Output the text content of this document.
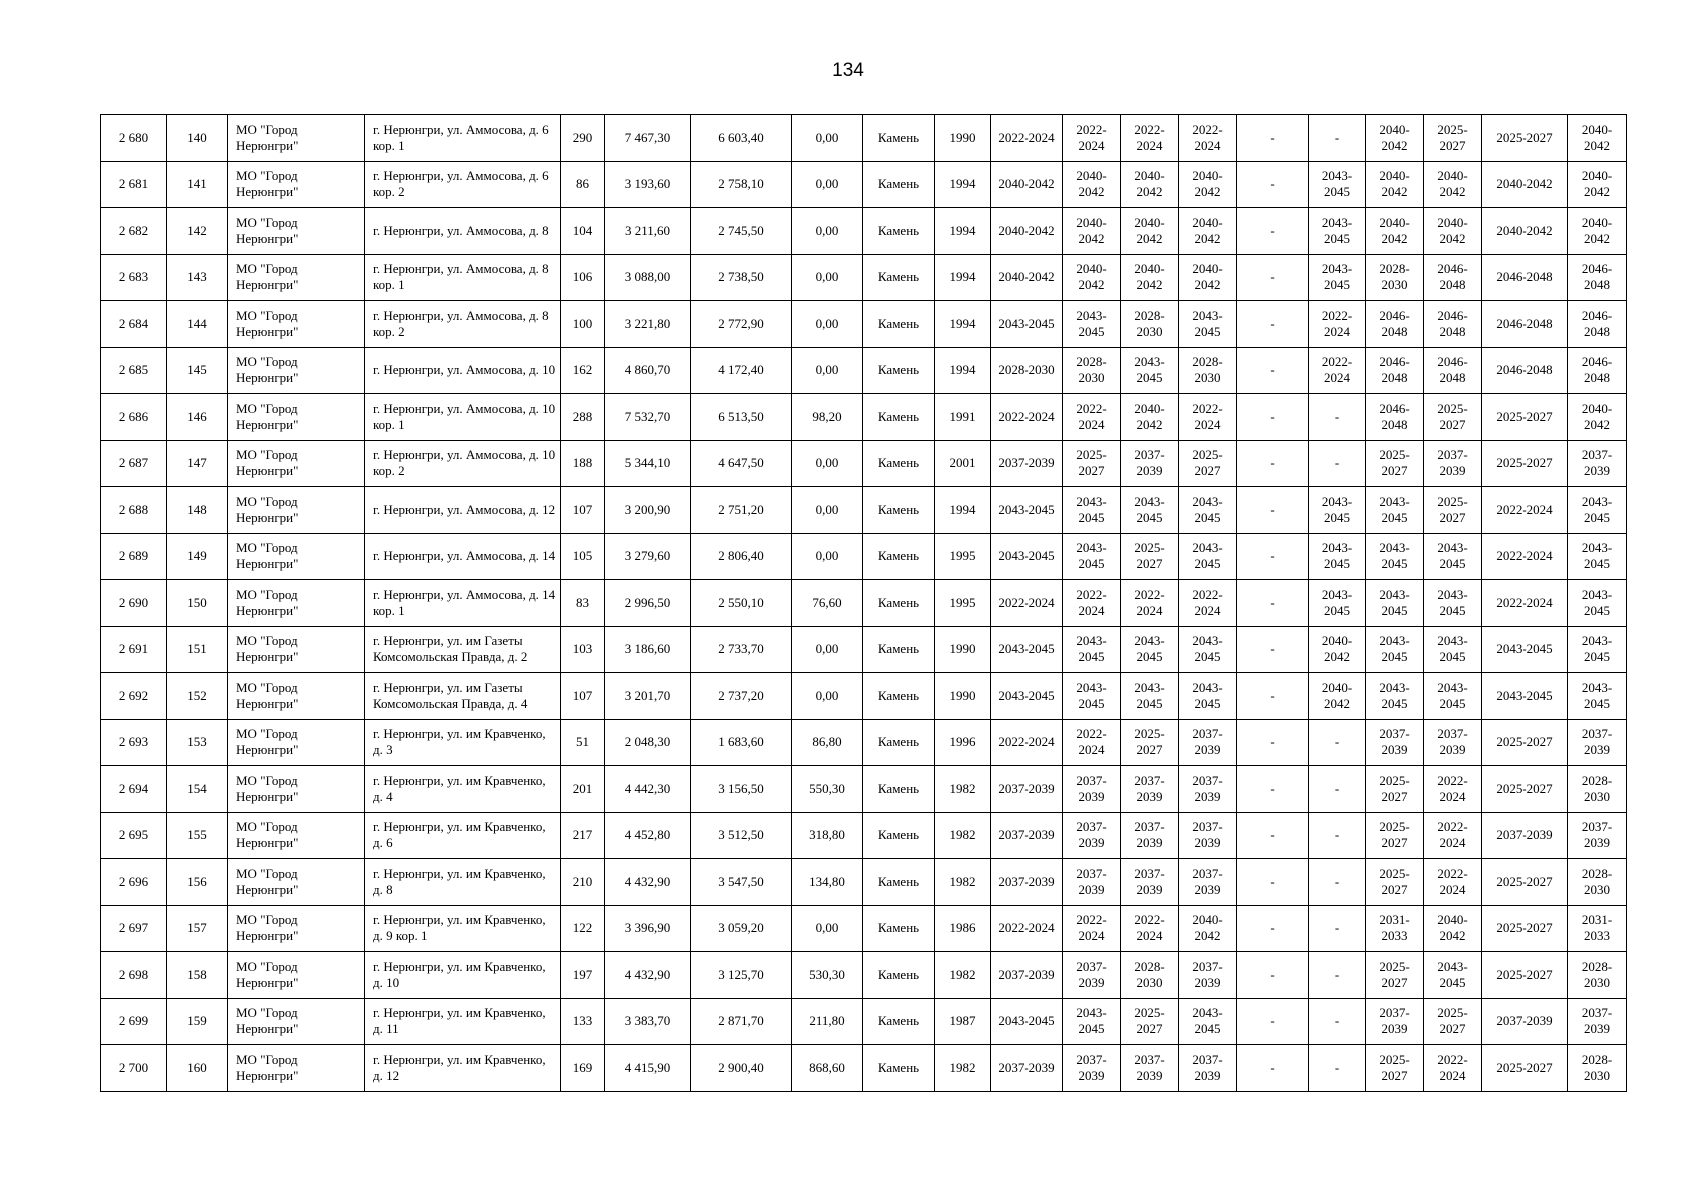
134
2 680	140	МО "Город Нерюнгри"	г. Нерюнгри, ул. Аммосова, д. 6 кор. 1	290	7 467,30	6 603,40	0,00	Камень	1990	2022-2024	2022-2024	2022-2024	2022-2024	-	-	2040-2042	2025-2027	2025-2027	2040-2042
2 681	141	МО "Город Нерюнгри"	г. Нерюнгри, ул. Аммосова, д. 6 кор. 2	86	3 193,60	2 758,10	0,00	Камень	1994	2040-2042	2040-2042	2040-2042	2040-2042	-	2043-2045	2040-2042	2040-2042	2040-2042	2040-2042
2 682	142	МО "Город Нерюнгри"	г. Нерюнгри, ул. Аммосова, д. 8	104	3 211,60	2 745,50	0,00	Камень	1994	2040-2042	2040-2042	2040-2042	2040-2042	-	2043-2045	2040-2042	2040-2042	2040-2042	2040-2042
2 683	143	МО "Город Нерюнгри"	г. Нерюнгри, ул. Аммосова, д. 8 кор. 1	106	3 088,00	2 738,50	0,00	Камень	1994	2040-2042	2040-2042	2040-2042	2040-2042	-	2043-2045	2028-2030	2046-2048	2046-2048	2046-2048
2 684	144	МО "Город Нерюнгри"	г. Нерюнгри, ул. Аммосова, д. 8 кор. 2	100	3 221,80	2 772,90	0,00	Камень	1994	2043-2045	2043-2045	2028-2030	2043-2045	-	2022-2024	2046-2048	2046-2048	2046-2048	2046-2048
2 685	145	МО "Город Нерюнгри"	г. Нерюнгри, ул. Аммосова, д. 10	162	4 860,70	4 172,40	0,00	Камень	1994	2028-2030	2028-2030	2043-2045	2028-2030	-	2022-2024	2046-2048	2046-2048	2046-2048	2046-2048
2 686	146	МО "Город Нерюнгри"	г. Нерюнгри, ул. Аммосова, д. 10 кор. 1	288	7 532,70	6 513,50	98,20	Камень	1991	2022-2024	2022-2024	2040-2042	2022-2024	-	-	2046-2048	2025-2027	2025-2027	2040-2042
2 687	147	МО "Город Нерюнгри"	г. Нерюнгри, ул. Аммосова, д. 10 кор. 2	188	5 344,10	4 647,50	0,00	Камень	2001	2037-2039	2025-2027	2037-2039	2025-2027	-	-	2025-2027	2037-2039	2025-2027	2037-2039
2 688	148	МО "Город Нерюнгри"	г. Нерюнгри, ул. Аммосова, д. 12	107	3 200,90	2 751,20	0,00	Камень	1994	2043-2045	2043-2045	2043-2045	2043-2045	-	2043-2045	2043-2045	2025-2027	2022-2024	2043-2045
2 689	149	МО "Город Нерюнгри"	г. Нерюнгри, ул. Аммосова, д. 14	105	3 279,60	2 806,40	0,00	Камень	1995	2043-2045	2043-2045	2025-2027	2043-2045	-	2043-2045	2043-2045	2043-2045	2022-2024	2043-2045
2 690	150	МО "Город Нерюнгри"	г. Нерюнгри, ул. Аммосова, д. 14 кор. 1	83	2 996,50	2 550,10	76,60	Камень	1995	2022-2024	2022-2024	2022-2024	2022-2024	-	2043-2045	2043-2045	2043-2045	2022-2024	2043-2045
2 691	151	МО "Город Нерюнгри"	г. Нерюнгри, ул. им Газеты Комсомольская Правда, д. 2	103	3 186,60	2 733,70	0,00	Камень	1990	2043-2045	2043-2045	2043-2045	2043-2045	-	2040-2042	2043-2045	2043-2045	2043-2045	2043-2045
2 692	152	МО "Город Нерюнгри"	г. Нерюнгри, ул. им Газеты Комсомольская Правда, д. 4	107	3 201,70	2 737,20	0,00	Камень	1990	2043-2045	2043-2045	2043-2045	2043-2045	-	2040-2042	2043-2045	2043-2045	2043-2045	2043-2045
2 693	153	МО "Город Нерюнгри"	г. Нерюнгри, ул. им Кравченко, д. 3	51	2 048,30	1 683,60	86,80	Камень	1996	2022-2024	2022-2024	2025-2027	2037-2039	-	-	2037-2039	2037-2039	2025-2027	2037-2039
2 694	154	МО "Город Нерюнгри"	г. Нерюнгри, ул. им Кравченко, д. 4	201	4 442,30	3 156,50	550,30	Камень	1982	2037-2039	2037-2039	2037-2039	2037-2039	-	-	2025-2027	2022-2024	2025-2027	2028-2030
2 695	155	МО "Город Нерюнгри"	г. Нерюнгри, ул. им Кравченко, д. 6	217	4 452,80	3 512,50	318,80	Камень	1982	2037-2039	2037-2039	2037-2039	2037-2039	-	-	2025-2027	2022-2024	2037-2039	2037-2039
2 696	156	МО "Город Нерюнгри"	г. Нерюнгри, ул. им Кравченко, д. 8	210	4 432,90	3 547,50	134,80	Камень	1982	2037-2039	2037-2039	2037-2039	2037-2039	-	-	2025-2027	2022-2024	2025-2027	2028-2030
2 697	157	МО "Город Нерюнгри"	г. Нерюнгри, ул. им Кравченко, д. 9 кор. 1	122	3 396,90	3 059,20	0,00	Камень	1986	2022-2024	2022-2024	2022-2024	2040-2042	-	-	2031-2033	2040-2042	2025-2027	2031-2033
2 698	158	МО "Город Нерюнгри"	г. Нерюнгри, ул. им Кравченко, д. 10	197	4 432,90	3 125,70	530,30	Камень	1982	2037-2039	2037-2039	2028-2030	2037-2039	-	-	2025-2027	2043-2045	2025-2027	2028-2030
2 699	159	МО "Город Нерюнгри"	г. Нерюнгри, ул. им Кравченко, д. 11	133	3 383,70	2 871,70	211,80	Камень	1987	2043-2045	2043-2045	2025-2027	2043-2045	-	-	2037-2039	2025-2027	2037-2039	2037-2039
2 700	160	МО "Город Нерюнгри"	г. Нерюнгри, ул. им Кравченко, д. 12	169	4 415,90	2 900,40	868,60	Камень	1982	2037-2039	2037-2039	2037-2039	2037-2039	-	-	2025-2027	2022-2024	2025-2027	2028-2030
